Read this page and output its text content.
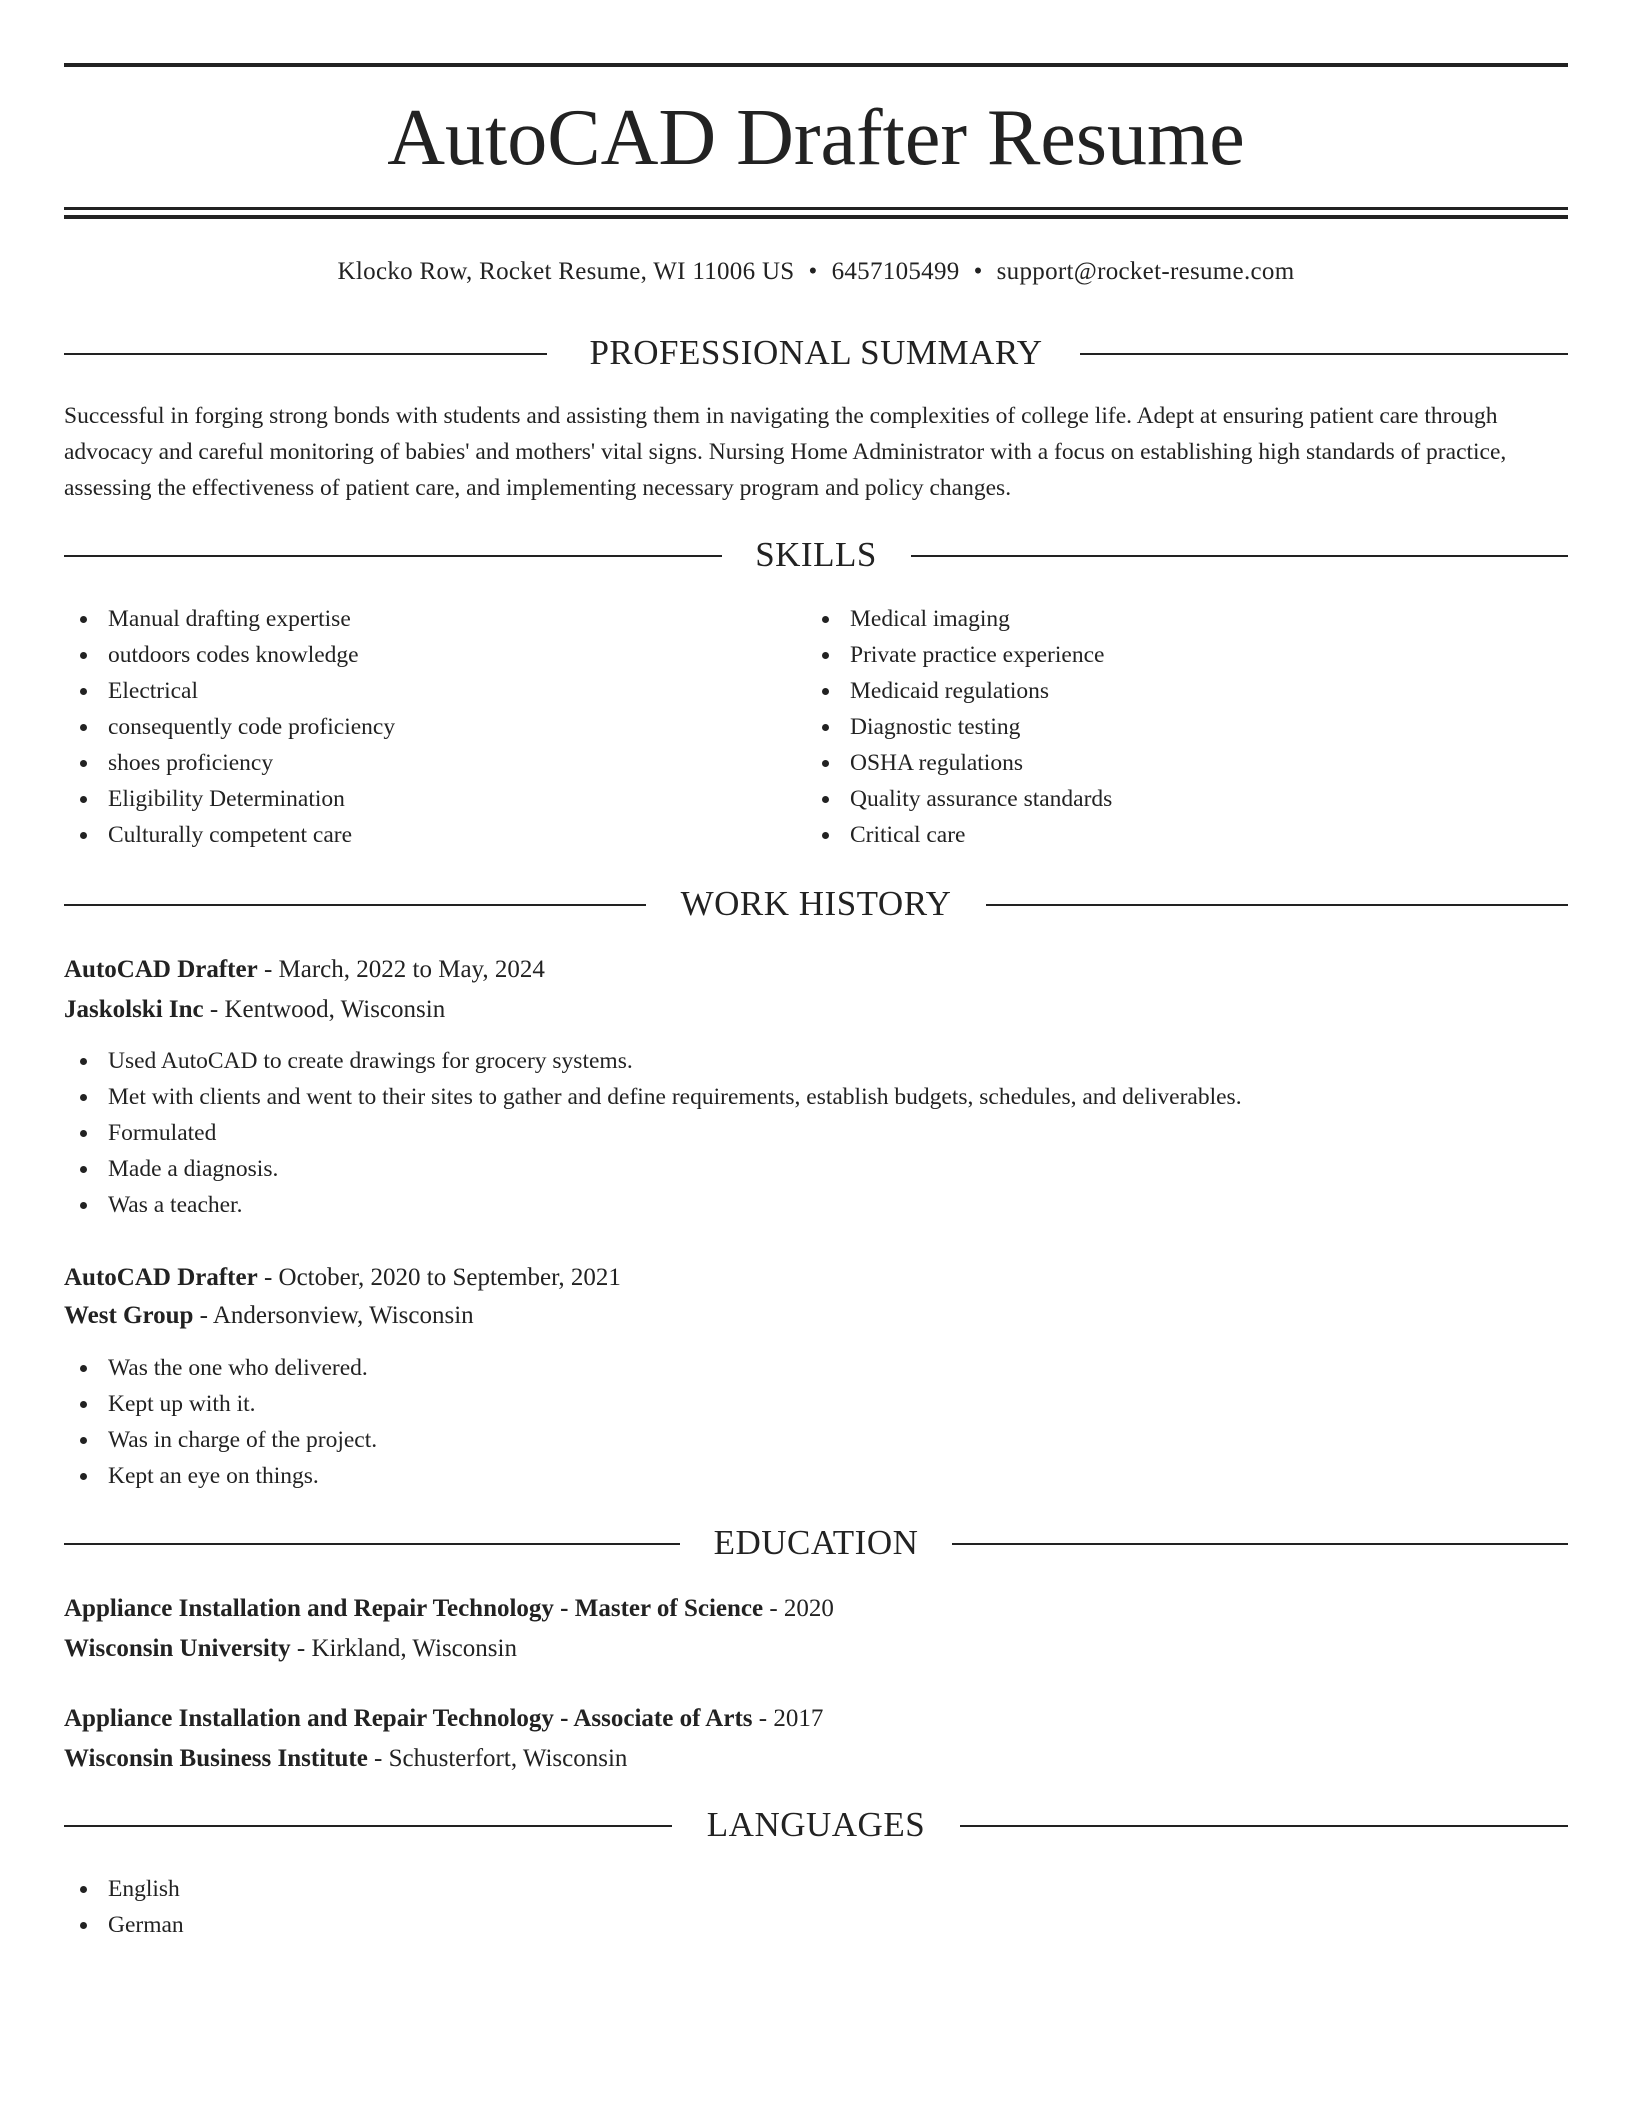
AutoCAD Drafter Resume
Klocko Row, Rocket Resume, WI 11006 US • 6457105499 • support@rocket-resume.com
PROFESSIONAL SUMMARY

Successful in forging strong bonds with students and assisting them in navigating the complexities of college life. Adept at ensuring patient care through advocacy and careful monitoring of babies' and mothers' vital signs. Nursing Home Administrator with a focus on establishing high standards of practice, assessing the effectiveness of patient care, and implementing necessary program and policy changes.

SKILLS
Manual drafting expertise
outdoors codes knowledge
Electrical
consequently code proficiency
shoes proficiency
Eligibility Determination
Culturally competent care
Medical imaging
Private practice experience
Medicaid regulations
Diagnostic testing
OSHA regulations
Quality assurance standards
Critical care
WORK HISTORY
AutoCAD Drafter - March, 2022 to May, 2024
Jaskolski Inc - Kentwood, Wisconsin
Used AutoCAD to create drawings for grocery systems.
Met with clients and went to their sites to gather and define requirements, establish budgets, schedules, and deliverables.
Formulated
Made a diagnosis.
Was a teacher.
AutoCAD Drafter - October, 2020 to September, 2021
West Group - Andersonview, Wisconsin
Was the one who delivered.
Kept up with it.
Was in charge of the project.
Kept an eye on things.
EDUCATION
Appliance Installation and Repair Technology - Master of Science - 2020
Wisconsin University - Kirkland, Wisconsin
Appliance Installation and Repair Technology - Associate of Arts - 2017
Wisconsin Business Institute - Schusterfort, Wisconsin
LANGUAGES
English
German
